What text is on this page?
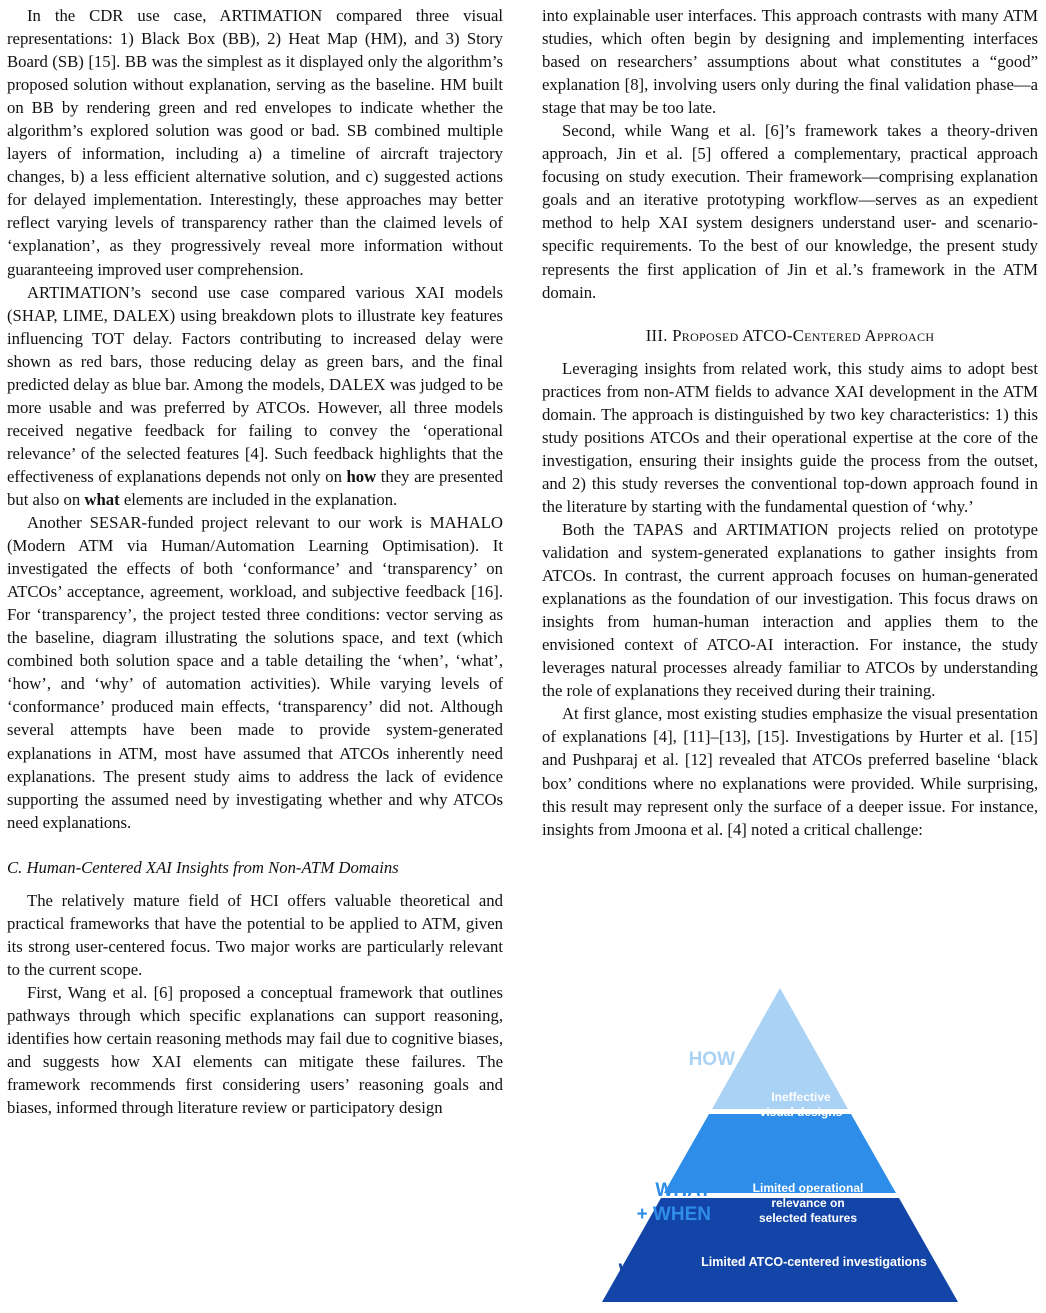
In the CDR use case, ARTIMATION compared three visual representations: 1) Black Box (BB), 2) Heat Map (HM), and 3) Story Board (SB) [15]. BB was the simplest as it displayed only the algorithm’s proposed solution without explanation, serving as the baseline. HM built on BB by rendering green and red envelopes to indicate whether the algorithm’s explored solution was good or bad. SB combined multiple layers of information, including a) a timeline of aircraft trajectory changes, b) a less efficient alternative solution, and c) suggested actions for delayed implementation. Interestingly, these approaches may better reflect varying levels of transparency rather than the claimed levels of ‘explanation’, as they progressively reveal more information without guaranteeing improved user comprehension.

ARTIMATION’s second use case compared various XAI models (SHAP, LIME, DALEX) using breakdown plots to illustrate key features influencing TOT delay. Factors contributing to increased delay were shown as red bars, those reducing delay as green bars, and the final predicted delay as blue bar. Among the models, DALEX was judged to be more usable and was preferred by ATCOs. However, all three models received negative feedback for failing to convey the ‘operational relevance’ of the selected features [4]. Such feedback highlights that the effectiveness of explanations depends not only on how they are presented but also on what elements are included in the explanation.

Another SESAR-funded project relevant to our work is MAHALO (Modern ATM via Human/Automation Learning Optimisation). It investigated the effects of both ‘conformance’ and ‘transparency’ on ATCOs’ acceptance, agreement, workload, and subjective feedback [16]. For ‘transparency’, the project tested three conditions: vector serving as the baseline, diagram illustrating the solutions space, and text (which combined both solution space and a table detailing the ‘when’, ‘what’, ‘how’, and ‘why’ of automation activities). While varying levels of ‘conformance’ produced main effects, ‘transparency’ did not. Although several attempts have been made to provide system-generated explanations in ATM, most have assumed that ATCOs inherently need explanations. The present study aims to address the lack of evidence supporting the assumed need by investigating whether and why ATCOs need explanations.

C. Human-Centered XAI Insights from Non-ATM Domains

The relatively mature field of HCI offers valuable theoretical and practical frameworks that have the potential to be applied to ATM, given its strong user-centered focus. Two major works are particularly relevant to the current scope.

First, Wang et al. [6] proposed a conceptual framework that outlines pathways through which specific explanations can support reasoning, identifies how certain reasoning methods may fail due to cognitive biases, and suggests how XAI elements can mitigate these failures. The framework recommends first considering users’ reasoning goals and biases, informed through literature review or participatory design

into explainable user interfaces. This approach contrasts with many ATM studies, which often begin by designing and implementing interfaces based on researchers’ assumptions about what constitutes a “good” explanation [8], involving users only during the final validation phase—a stage that may be too late.

Second, while Wang et al. [6]’s framework takes a theory-driven approach, Jin et al. [5] offered a complementary, practical approach focusing on study execution. Their framework—comprising explanation goals and an iterative prototyping workflow—serves as an expedient method to help XAI system designers understand user- and scenario-specific requirements. To the best of our knowledge, the present study represents the first application of Jin et al.’s framework in the ATM domain.

III. Proposed ATCO-Centered Approach

Leveraging insights from related work, this study aims to adopt best practices from non-ATM fields to advance XAI development in the ATM domain. The approach is distinguished by two key characteristics: 1) this study positions ATCOs and their operational expertise at the core of the investigation, ensuring their insights guide the process from the outset, and 2) this study reverses the conventional top-down approach found in the literature by starting with the fundamental question of ‘why.’

Both the TAPAS and ARTIMATION projects relied on prototype validation and system-generated explanations to gather insights from ATCOs. In contrast, the current approach focuses on human-generated explanations as the foundation of our investigation. This focus draws on insights from human-human interaction and applies them to the envisioned context of ATCO-AI interaction. For instance, the study leverages natural processes already familiar to ATCOs by understanding the role of explanations they received during their training.

At first glance, most existing studies emphasize the visual presentation of explanations [4], [11]–[13], [15]. Investigations by Hurter et al. [15] and Pushparaj et al. [12] revealed that ATCOs preferred baseline ‘black box’ conditions where no explanations were provided. While surprising, this result may represent only the surface of a deeper issue. For instance, insights from Jmoona et al. [4] noted a critical challenge:

HOW
WHAT
+ WHEN
WHY
Ineffective
visual designs
Limited operational
relevance on
selected features
Limited ATCO-centered investigations
